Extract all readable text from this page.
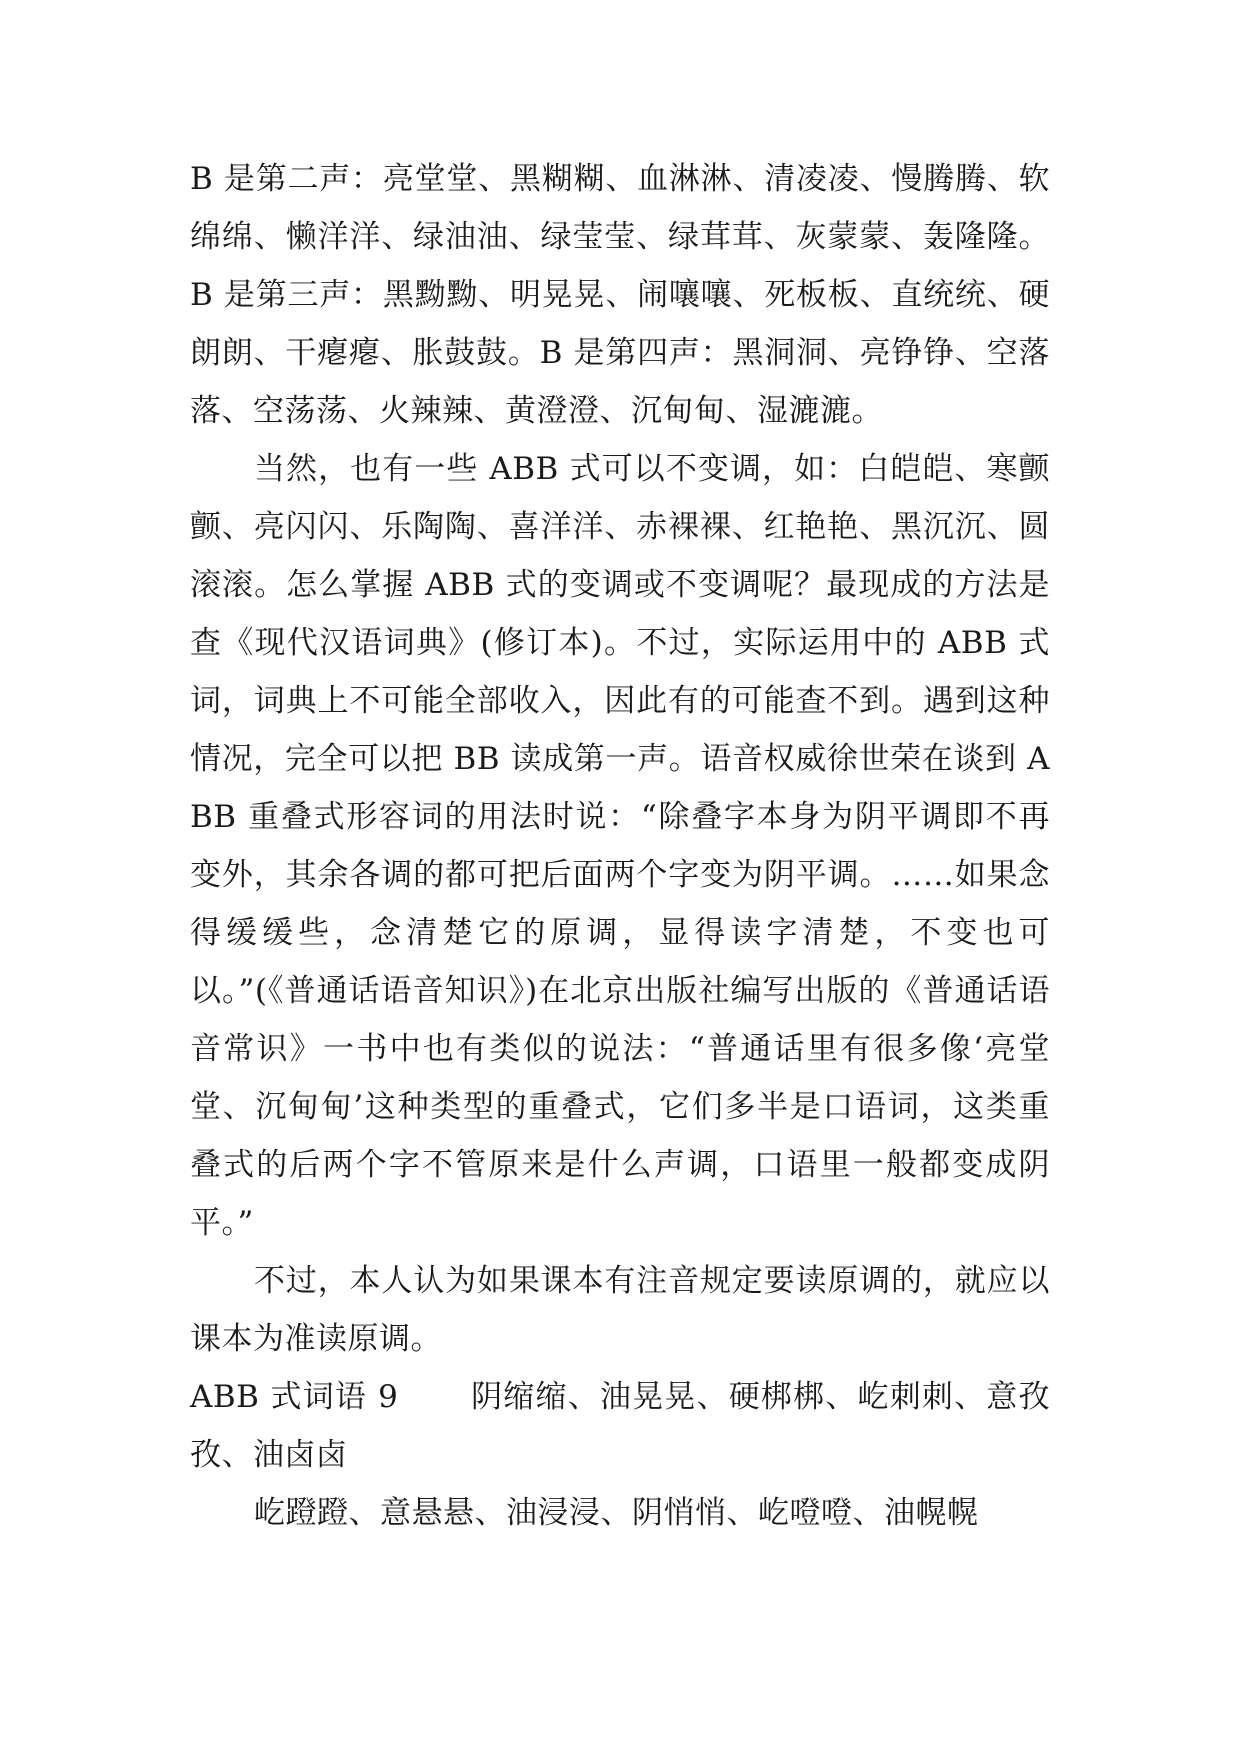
B 是第二声：亮堂堂、黑糊糊、血淋淋、清凌凌、慢腾腾、软绵绵、懒洋洋、绿油油、绿莹莹、绿茸茸、灰蒙蒙、轰隆隆。B 是第三声：黑黝黝、明晃晃、闹嚷嚷、死板板、直统统、硬朗朗、干瘪瘪、胀鼓鼓。B 是第四声：黑洞洞、亮铮铮、空落落、空荡荡、火辣辣、黄澄澄、沉甸甸、湿漉漉。

当然，也有一些 ABB 式可以不变调，如：白皑皑、寒颤颤、亮闪闪、乐陶陶、喜洋洋、赤裸裸、红艳艳、黑沉沉、圆滚滚。怎么掌握 ABB 式的变调或不变调呢？最现成的方法是查《现代汉语词典》(修订本)。不过，实际运用中的 ABB 式词，词典上不可能全部收入，因此有的可能查不到。遇到这种情况，完全可以把 BB 读成第一声。语音权威徐世荣在谈到 ABB 重叠式形容词的用法时说：“除叠字本身为阴平调即不再变外，其余各调的都可把后面两个字变为阴平调。……如果念得缓缓些，念清楚它的原调，显得读字清楚，不变也可以。”(《普通话语音知识》)在北京出版社编写出版的《普通话语音常识》一书中也有类似的说法：“普通话里有很多像‘亮堂堂、沉甸甸’这种类型的重叠式，它们多半是口语词，这类重叠式的后两个字不管原来是什么声调，口语里一般都变成阴平。”

不过，本人认为如果课本有注音规定要读原调的，就应以课本为准读原调。

ABB 式词语 9 阴缩缩、油晃晃、硬梆梆、屹刺刺、意孜孜、油卤卤

屹蹬蹬、意悬悬、油浸浸、阴悄悄、屹噔噔、油幌幌
